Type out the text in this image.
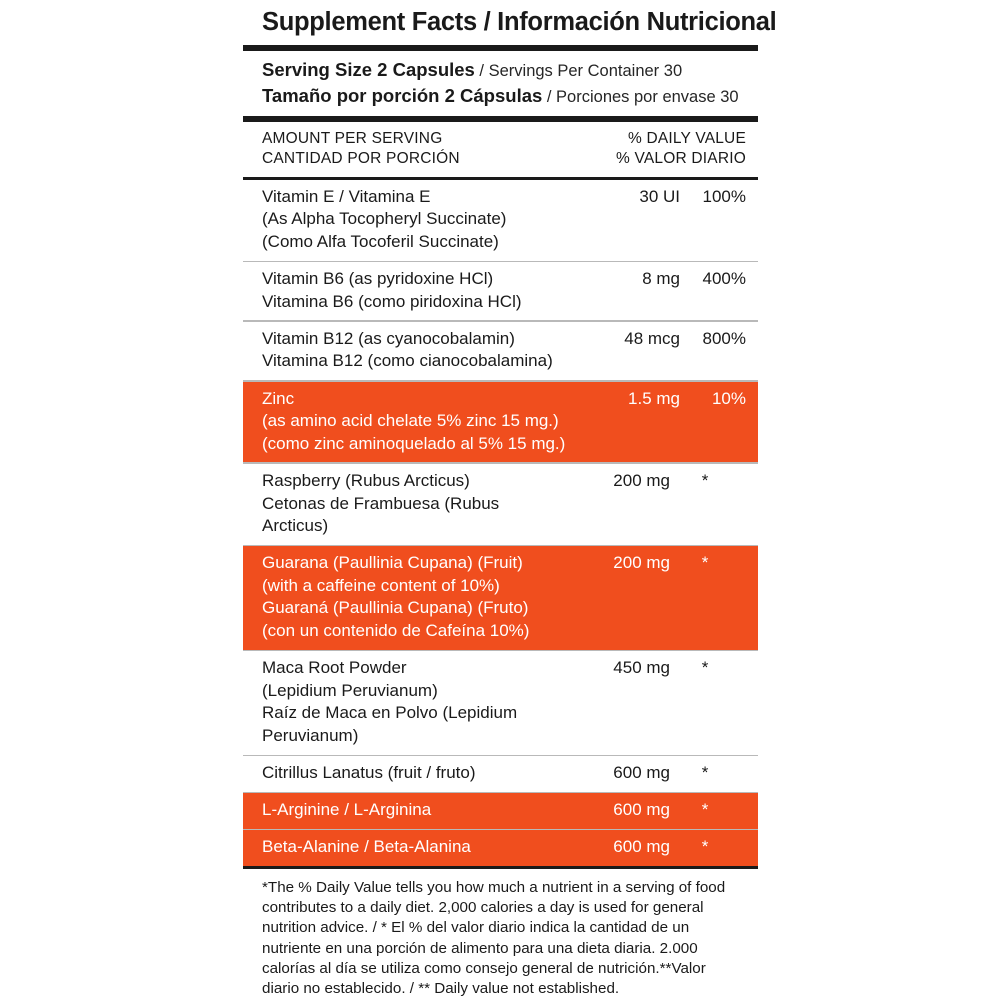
Supplement Facts / Información Nutricional
Serving Size 2 Capsules / Servings Per Container 30
Tamaño por porción 2 Cápsulas / Porciones por envase 30
AMOUNT PER SERVING
CANTIDAD POR PORCIÓN
% DAILY VALUE
% VALOR DIARIO
Vitamin E / Vitamina E
(As Alpha Tocopheryl Succinate)
(Como Alfa Tocoferil Succinate)
30 UI	100%
Vitamin B6 (as pyridoxine HCl)
Vitamina B6 (como piridoxina HCl)
8 mg	400%
Vitamin B12 (as cyanocobalamin)
Vitamina B12 (como cianocobalamina)
48 mcg	800%
Zinc
(as amino acid chelate 5% zinc 15 mg.)
(como zinc aminoquelado al 5% 15 mg.)
1.5 mg	10%
Raspberry (Rubus Arcticus)
Cetonas de Frambuesa (Rubus Arcticus)
200 mg	*
Guarana (Paullinia Cupana) (Fruit)
(with a caffeine content of 10%)
Guaraná (Paullinia Cupana) (Fruto)
(con un contenido de Cafeína 10%)
200 mg	*
Maca Root Powder
(Lepidium Peruvianum)
Raíz de Maca en Polvo (Lepidium Peruvianum)
450 mg	*
Citrillus Lanatus (fruit / fruto)	600 mg	*
L-Arginine / L-Arginina	600 mg	*
Beta-Alanine / Beta-Alanina	600 mg	*
*The % Daily Value tells you how much a nutrient in a serving of food contributes to a daily diet. 2,000 calories a day is used for general nutrition advice. / * El % del valor diario indica la cantidad de un nutriente en una porción de alimento para una dieta diaria. 2.000 calorías al día se utiliza como consejo general de nutrición.**Valor diario no establecido. / ** Daily value not established.
